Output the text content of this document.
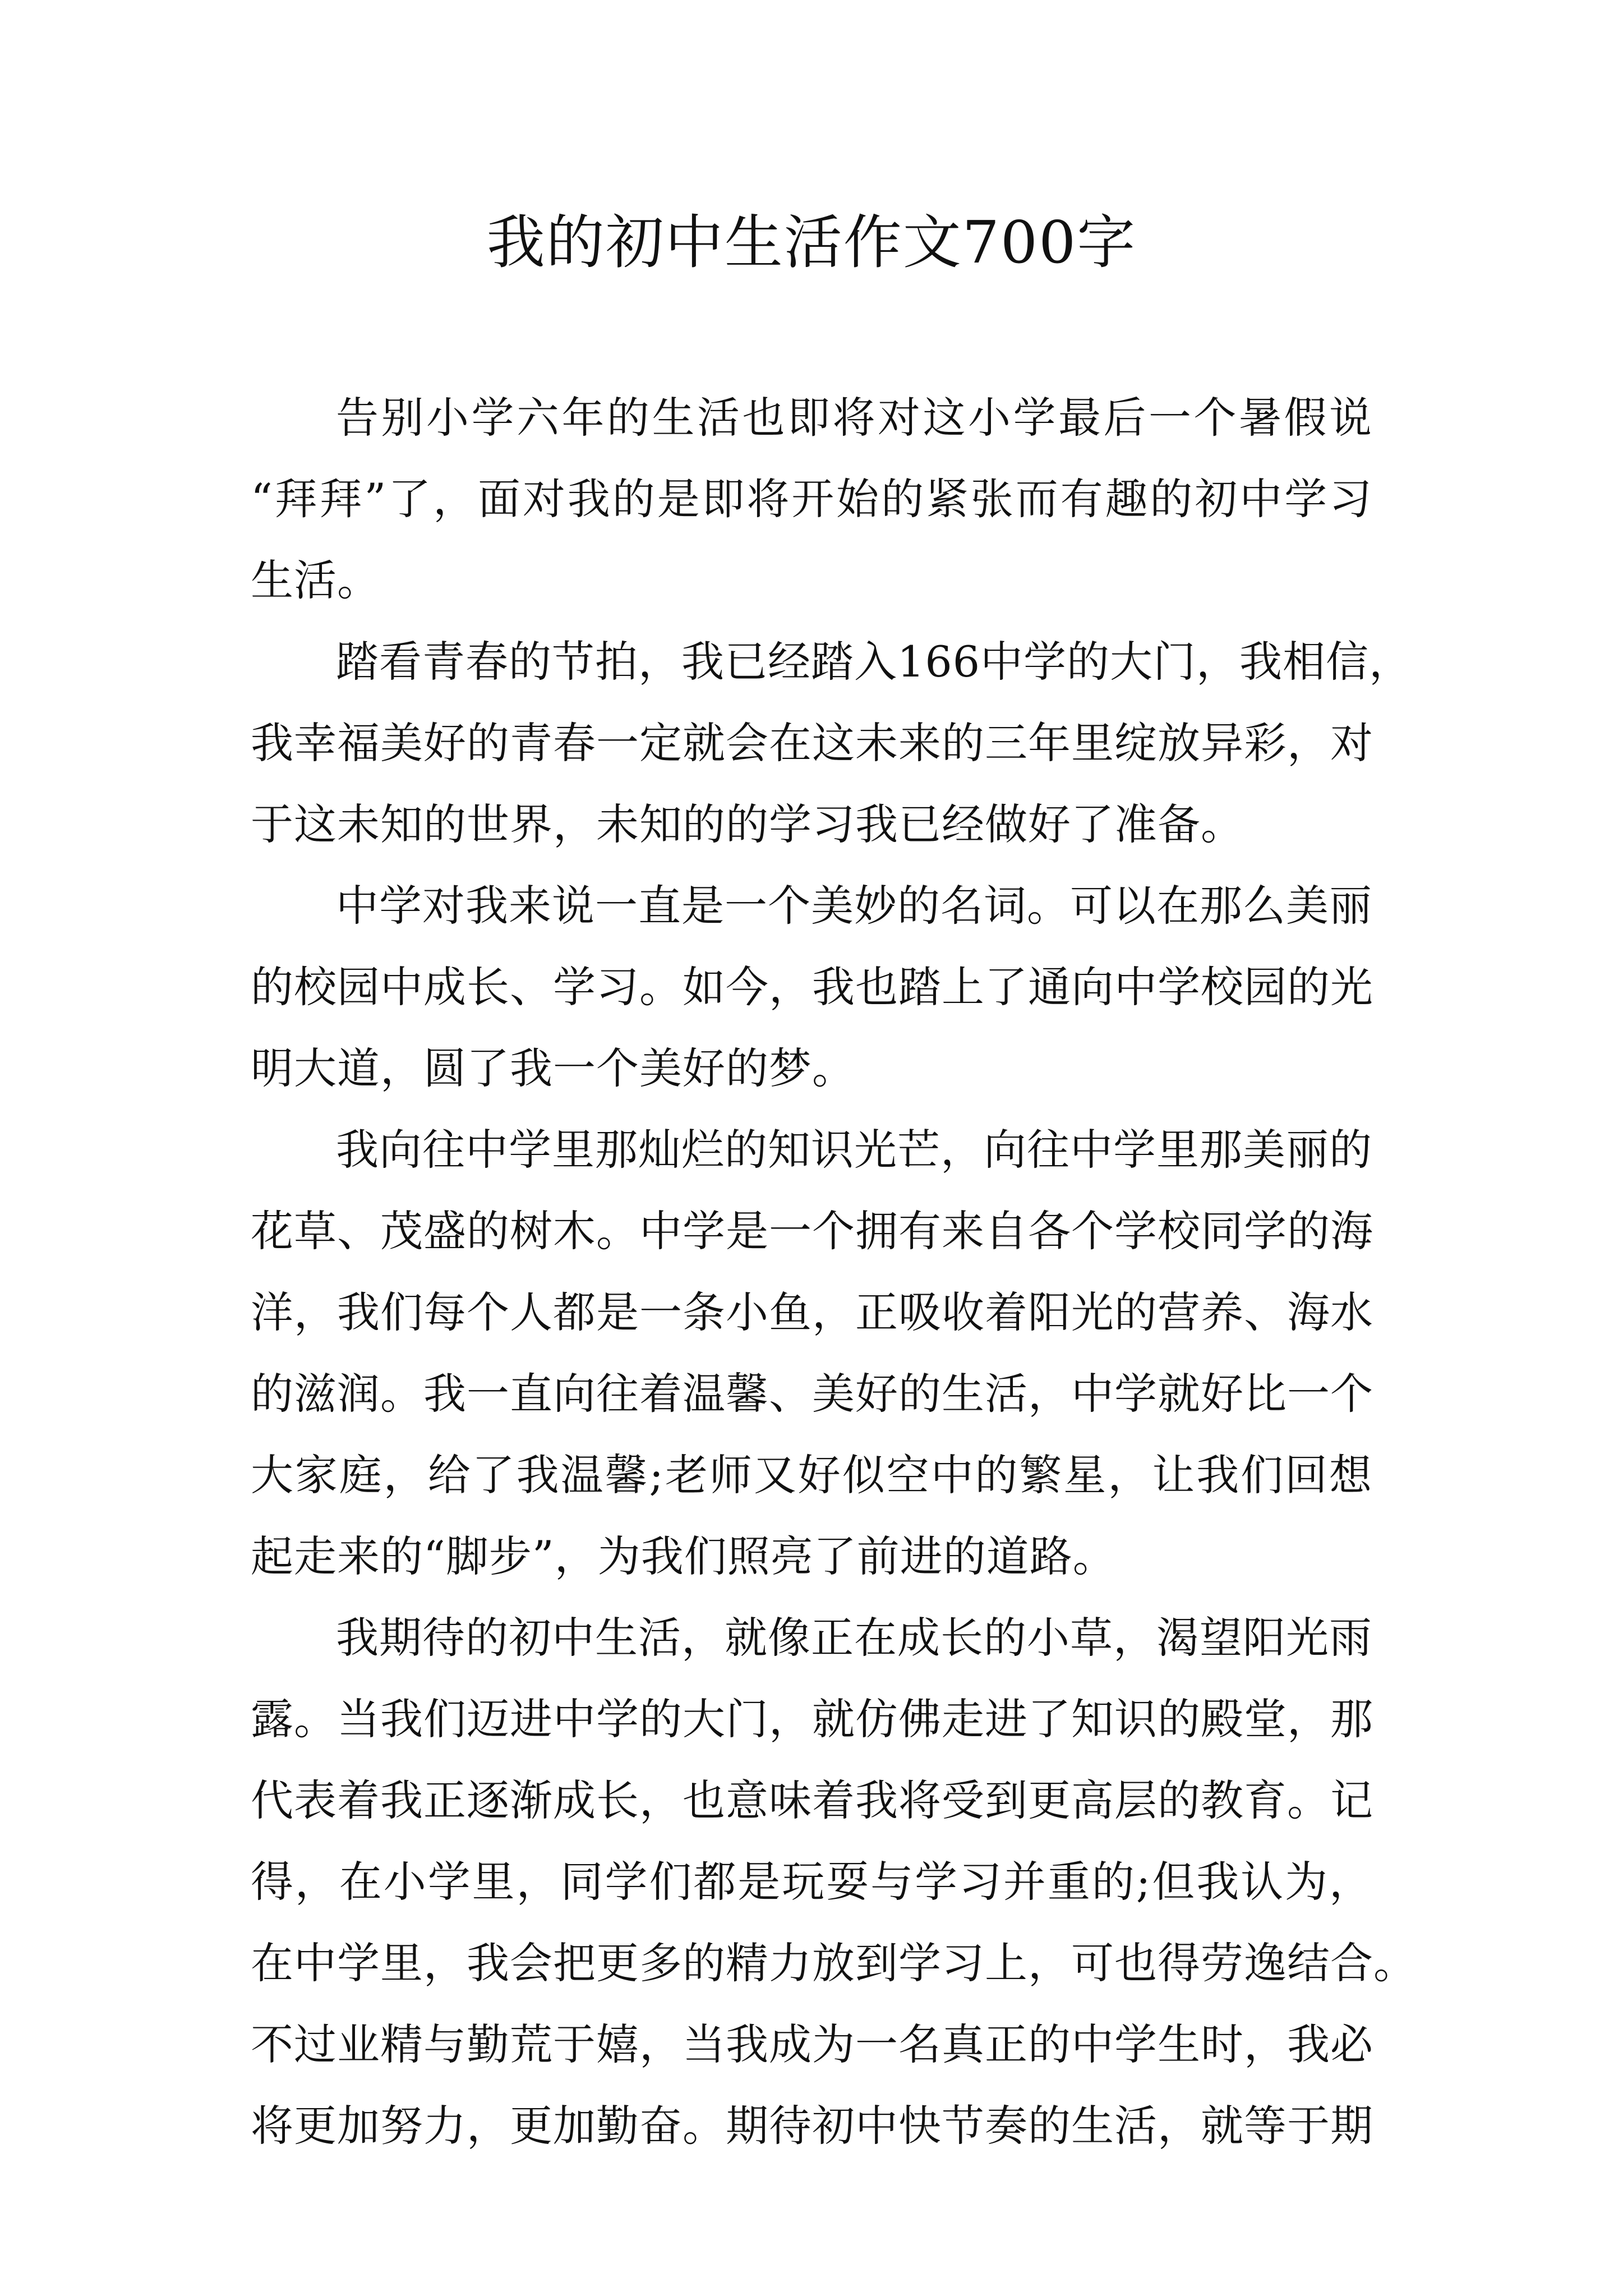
我的初中生活作文700字
告别小学六年的生活也即将对这小学最后一个暑假说
“拜拜”了，面对我的是即将开始的紧张而有趣的初中学习
生活。
踏看青春的节拍，我已经踏入166中学的大门，我相信，
我幸福美好的青春一定就会在这未来的三年里绽放异彩，对
于这未知的世界，未知的的学习我已经做好了准备。
中学对我来说一直是一个美妙的名词。可以在那么美丽
的校园中成长、学习。如今，我也踏上了通向中学校园的光
明大道，圆了我一个美好的梦。
我向往中学里那灿烂的知识光芒，向往中学里那美丽的
花草、茂盛的树木。中学是一个拥有来自各个学校同学的海
洋，我们每个人都是一条小鱼，正吸收着阳光的营养、海水
的滋润。我一直向往着温馨、美好的生活，中学就好比一个
大家庭，给了我温馨;老师又好似空中的繁星，让我们回想
起走来的“脚步”，为我们照亮了前进的道路。
我期待的初中生活，就像正在成长的小草，渴望阳光雨
露。当我们迈进中学的大门，就仿佛走进了知识的殿堂，那
代表着我正逐渐成长，也意味着我将受到更高层的教育。记
得，在小学里，同学们都是玩耍与学习并重的;但我认为，
在中学里，我会把更多的精力放到学习上，可也得劳逸结合。
不过业精与勤荒于嬉，当我成为一名真正的中学生时，我必
将更加努力，更加勤奋。期待初中快节奏的生活，就等于期
